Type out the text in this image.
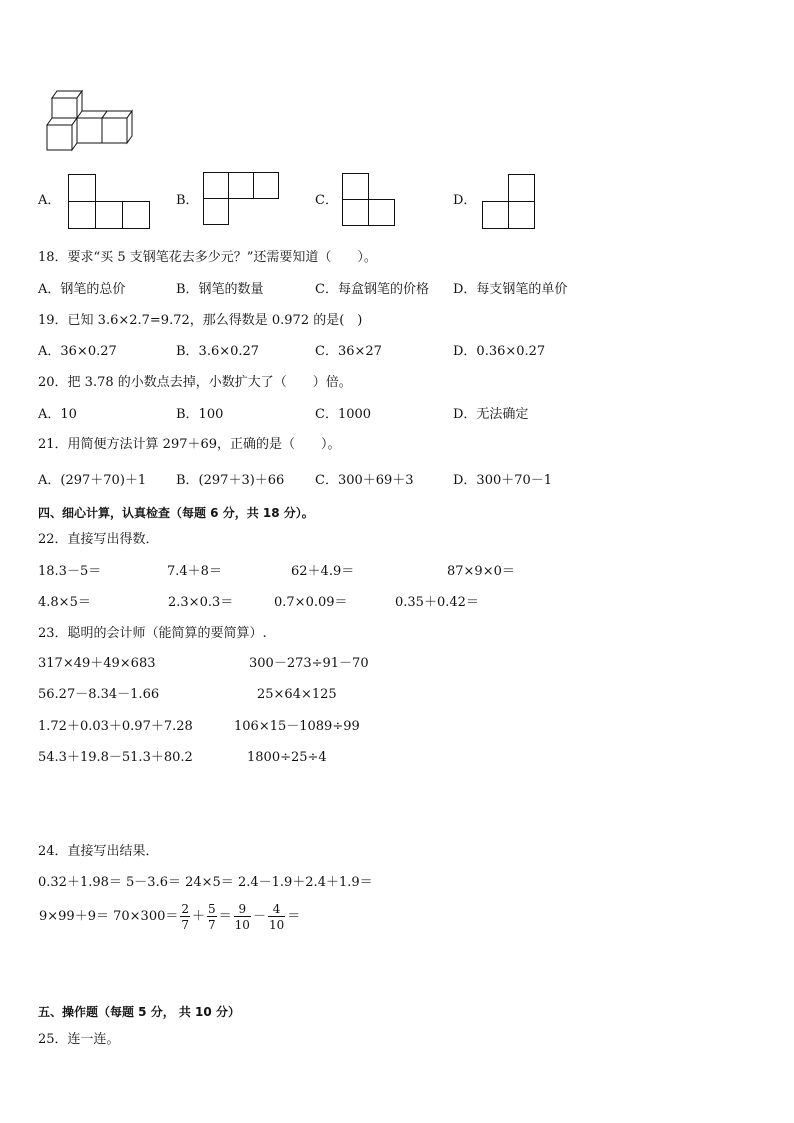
A．	B．	C．	D．
18．要求“买 5 支钢笔花去多少元？”还需要知道（　　）。
A．钢笔的总价	B．钢笔的数量	C．每盒钢笔的价格 D．每支钢笔的单价
19．已知 3.6×2.7=9.72，那么得数是 0.972 的是(　)
A．36×0.27	B．3.6×0.27	C．36×27	D．0.36×0.27
20．把 3.78 的小数点去掉，小数扩大了（　　）倍。
A．10	B．100	C．1000	D．无法确定
21．用简便方法计算 297＋69，正确的是（　　）。
A．(297＋70)＋1 B．(297＋3)＋66 C．300＋69＋3	D．300＋70－1
四、细心计算，认真检查（每题 6 分，共 18 分）。
22．直接写出得数．
18.3－5＝	7.4＋8＝	62＋4.9＝	87×9×0＝
4.8×5＝	2.3×0.3＝	0.7×0.09＝	0.35＋0.42＝
23．聪明的会计师（能简算的要简算）.
317×49＋49×683	300－273÷91－70
56.27－8.34－1.66	25×64×125
1.72＋0.03＋0.97＋7.28	106×15－1089÷99
54.3＋19.8－51.3＋80.2	1800÷25÷4
24．直接写出结果．
0.32＋1.98＝ 5－3.6＝ 24×5＝ 2.4－1.9＋2.4＋1.9＝
$9\times 99+9= 70\times 300= \frac{2}{7} + \frac{5}{7} = \frac{9}{10} - \frac{4}{10}$ ＝
五、操作题（每题 5 分， 共 10 分）
25．连一连。
